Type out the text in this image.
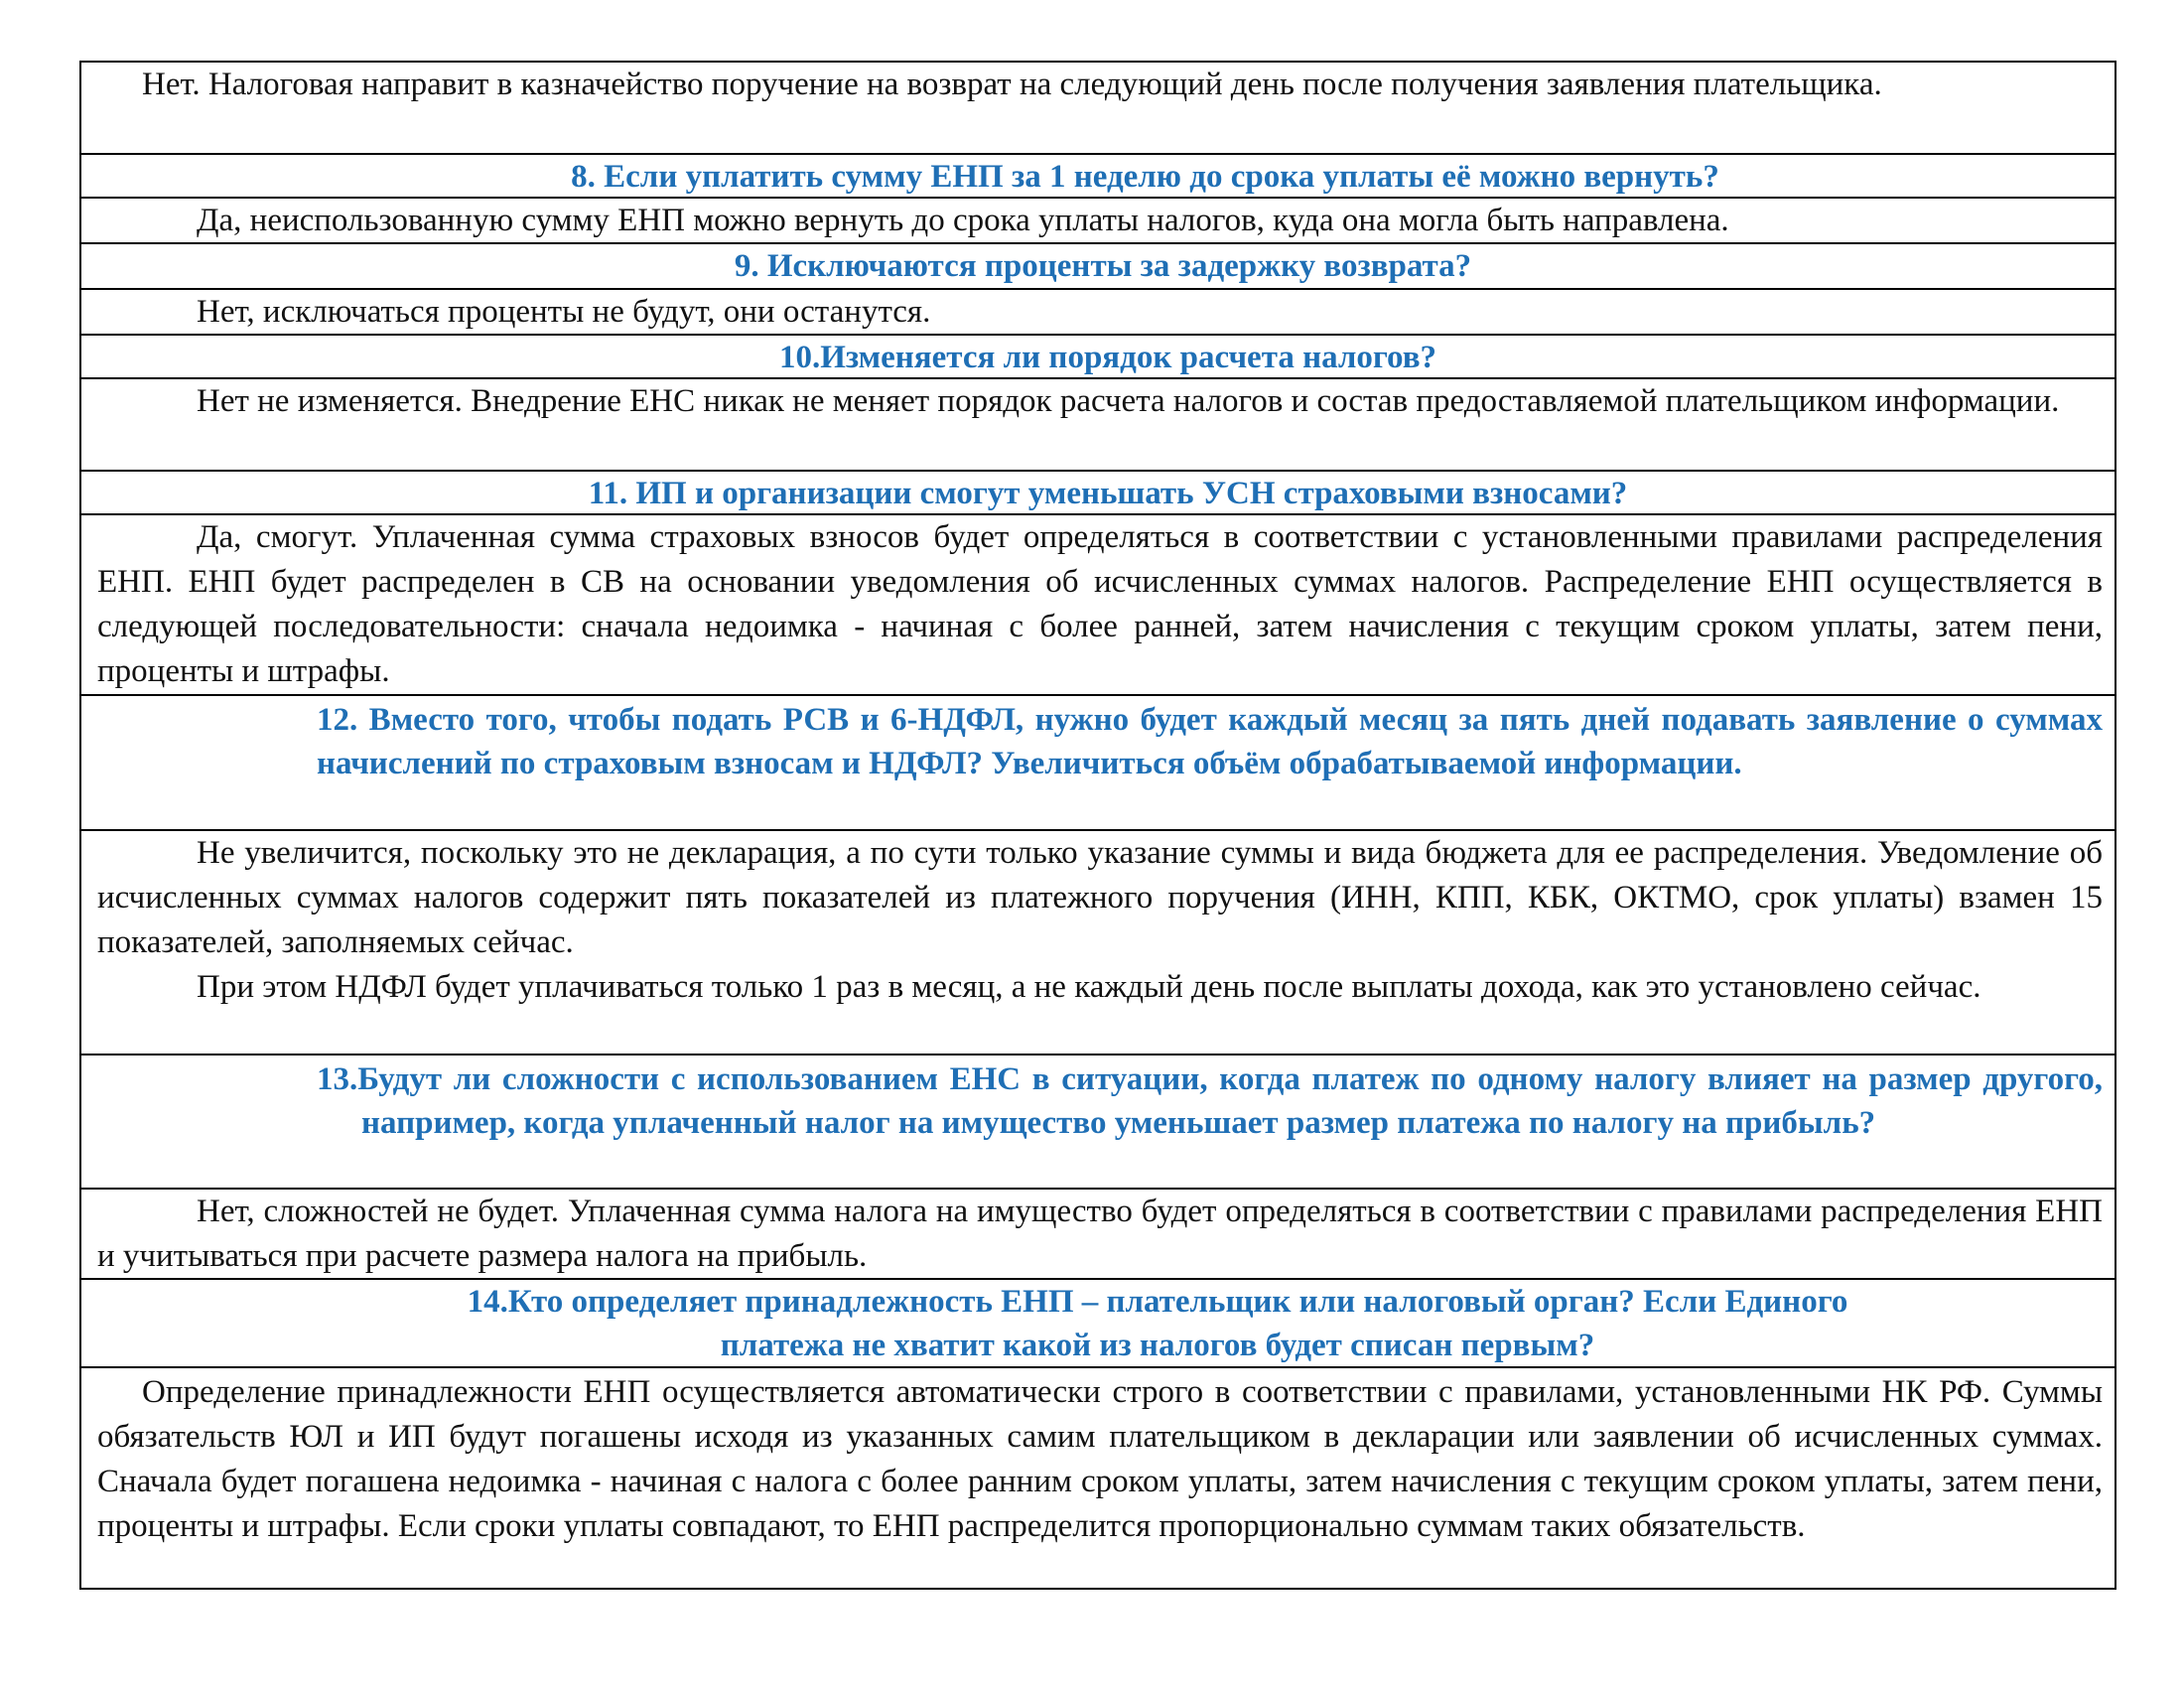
Нет. Налоговая направит в казначейство поручение на возврат на следующий день после получения заявления плательщика.

8. Если уплатить сумму ЕНП за 1 неделю до срока уплаты её можно вернуть?

Да, неиспользованную сумму ЕНП можно вернуть до срока уплаты налогов, куда она могла быть направлена.

9. Исключаются проценты за задержку возврата?

Нет, исключаться проценты не будут, они останутся.

10.Изменяется ли порядок расчета налогов?

Нет не изменяется. Внедрение ЕНС никак не меняет порядок расчета налогов и состав предоставляемой плательщиком информации.

11. ИП и организации смогут уменьшать УСН страховыми взносами?

Да, смогут. Уплаченная сумма страховых взносов будет определяться в соответствии с установленными правилами распределения ЕНП. ЕНП будет распределен в СВ на основании уведомления об исчисленных суммах налогов. Распределение ЕНП осуществляется в следующей последовательности: сначала недоимка - начиная с более ранней, затем начисления с текущим сроком уплаты, затем пени, проценты и штрафы.

12. Вместо того, чтобы подать РСВ и 6-НДФЛ, нужно будет каждый месяц за пять дней подавать заявление о суммах начислений по страховым взносам и НДФЛ? Увеличиться объём обрабатываемой информации.

Не увеличится, поскольку это не декларация, а по сути только указание суммы и вида бюджета для ее распределения. Уведомление об исчисленных суммах налогов содержит пять показателей из платежного поручения (ИНН, КПП, КБК, ОКТМО, срок уплаты) взамен 15 показателей, заполняемых сейчас.

При этом НДФЛ будет уплачиваться только 1 раз в месяц, а не каждый день после выплаты дохода, как это установлено сейчас.

13.Будут ли сложности с использованием ЕНС в ситуации, когда платеж по одному налогу влияет на размер другого, например, когда уплаченный налог на имущество уменьшает размер платежа по налогу на прибыль?

Нет, сложностей не будет. Уплаченная сумма налога на имущество будет определяться в соответствии с правилами распределения ЕНП и учитываться при расчете размера налога на прибыль.

14.Кто определяет принадлежность ЕНП – плательщик или налоговый орган? Если Единого
платежа не хватит какой из налогов будет списан первым?

Определение принадлежности ЕНП осуществляется автоматически строго в соответствии с правилами, установленными НК РФ. Суммы обязательств ЮЛ и ИП будут погашены исходя из указанных самим плательщиком в декларации или заявлении об исчисленных суммах. Сначала будет погашена недоимка - начиная с налога с более ранним сроком уплаты, затем начисления с текущим сроком уплаты, затем пени, проценты и штрафы. Если сроки уплаты совпадают, то ЕНП распределится пропорционально суммам таких обязательств.
